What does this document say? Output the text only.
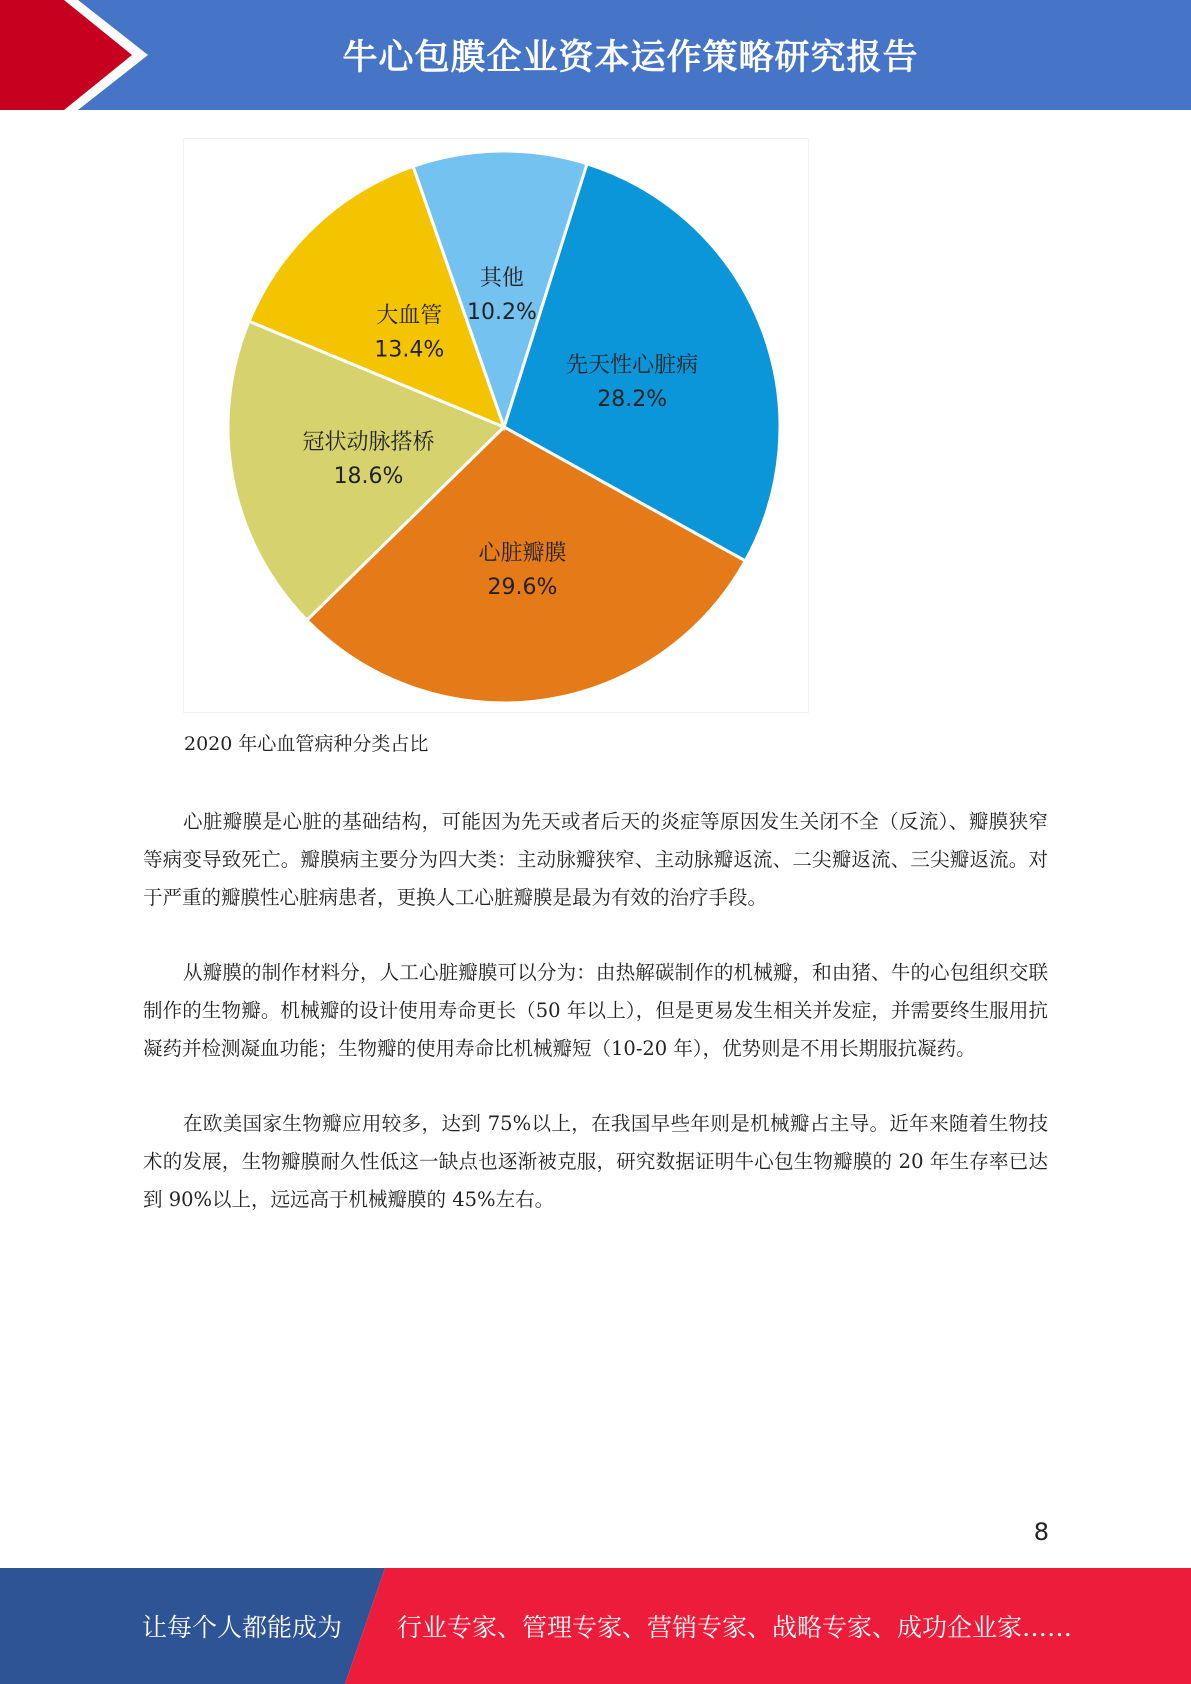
牛心包膜企业资本运作策略研究报告
先天性心脏病
28.2%
心脏瓣膜
29.6%
冠状动脉搭桥
18.6%
大血管
13.4%
其他
10.2%
2020 年心血管病种分类占比

心脏瓣膜是心脏的基础结构，可能因为先天或者后天的炎症等原因发生关闭不全（反流）、瓣膜狭窄等病变导致死亡。瓣膜病主要分为四大类：主动脉瓣狭窄、主动脉瓣返流、二尖瓣返流、三尖瓣返流。对于严重的瓣膜性心脏病患者，更换人工心脏瓣膜是最为有效的治疗手段。

从瓣膜的制作材料分，人工心脏瓣膜可以分为：由热解碳制作的机械瓣，和由猪、牛的心包组织交联制作的生物瓣。机械瓣的设计使用寿命更长（50 年以上），但是更易发生相关并发症，并需要终生服用抗凝药并检测凝血功能；生物瓣的使用寿命比机械瓣短（10-20 年），优势则是不用长期服抗凝药。

在欧美国家生物瓣应用较多，达到 75%以上，在我国早些年则是机械瓣占主导。近年来随着生物技术的发展，生物瓣膜耐久性低这一缺点也逐渐被克服，研究数据证明牛心包生物瓣膜的 20 年生存率已达到 90%以上，远远高于机械瓣膜的 45%左右。

8
让每个人都能成为 行业专家、管理专家、营销专家、战略专家、成功企业家……
